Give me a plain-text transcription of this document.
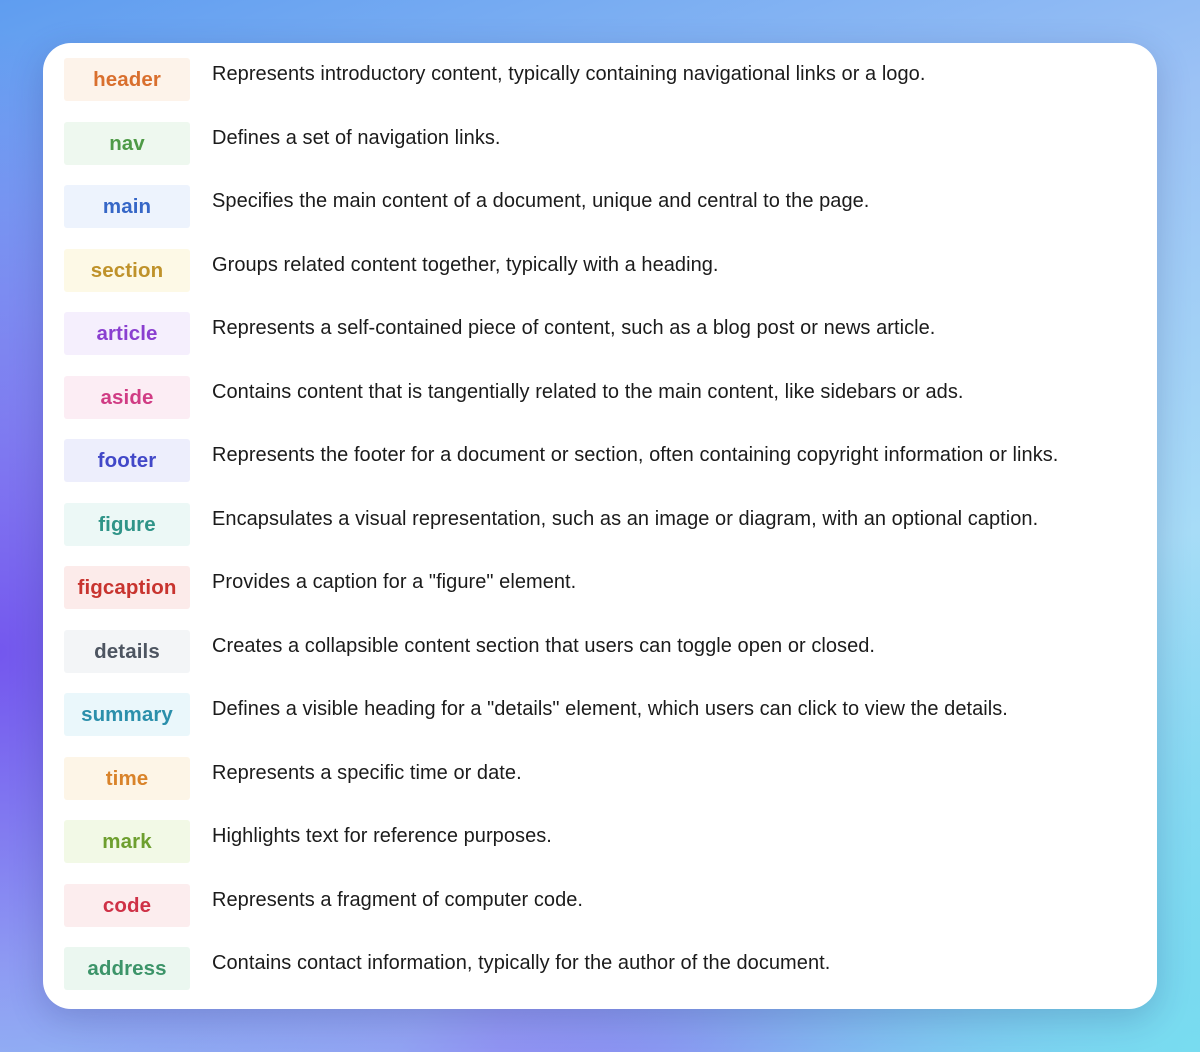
header	Represents introductory content, typically containing navigational links or a logo.
nav	Defines a set of navigation links.
main	Specifies the main content of a document, unique and central to the page.
section	Groups related content together, typically with a heading.
article	Represents a self-contained piece of content, such as a blog post or news article.
aside	Contains content that is tangentially related to the main content, like sidebars or ads.
footer	Represents the footer for a document or section, often containing copyright information or links.
figure	Encapsulates a visual representation, such as an image or diagram, with an optional caption.
figcaption	Provides a caption for a "figure" element.
details	Creates a collapsible content section that users can toggle open or closed.
summary	Defines a visible heading for a "details" element, which users can click to view the details.
time	Represents a specific time or date.
mark	Highlights text for reference purposes.
code	Represents a fragment of computer code.
address	Contains contact information, typically for the author of the document.
